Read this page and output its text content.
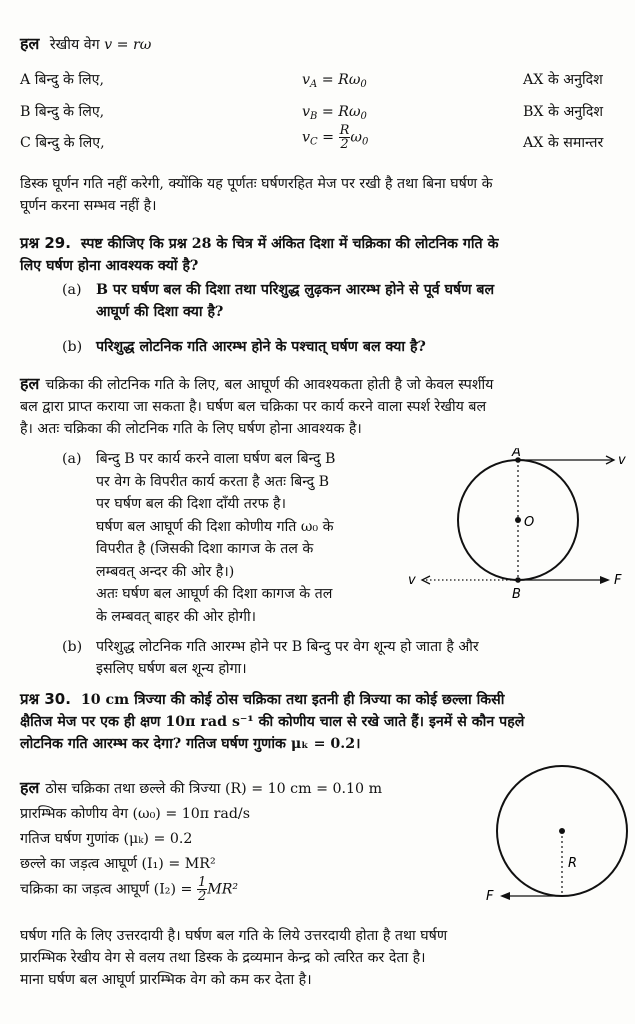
हल रेखीय वेग v = rω
A बिन्दु के लिए,	$v_A = R\omega_0$	AX के अनुदिश
B बिन्दु के लिए,	$v_B = R\omega_0$	BX के अनुदिश
C बिन्दु के लिए,	$v_C = \frac{R}{2} \omega_0$	AX के समान्तर
डिस्क घूर्णन गति नहीं करेगी, क्योंकि यह पूर्णतः घर्षणरहित मेज पर रखी है तथा बिना घर्षण के
घूर्णन करना सम्भव नहीं है।
प्रश्न 29. स्पष्ट कीजिए कि प्रश्न 28 के चित्र में अंकित दिशा में चक्रिका की लोटनिक गति के
लिए घर्षण होना आवश्यक क्यों है?
(a) B पर घर्षण बल की दिशा तथा परिशुद्ध लुढ़कन आरम्भ होने से पूर्व घर्षण बल
आघूर्ण की दिशा क्या है?
(b) परिशुद्ध लोटनिक गति आरम्भ होने के पश्चात् घर्षण बल क्या है?
हल चक्रिका की लोटनिक गति के लिए, बल आघूर्ण की आवश्यकता होती है जो केवल स्पर्शीय
बल द्वारा प्राप्त कराया जा सकता है। घर्षण बल चक्रिका पर कार्य करने वाला स्पर्श रेखीय बल
है। अतः चक्रिका की लोटनिक गति के लिए घर्षण होना आवश्यक है।
(a) बिन्दु B पर कार्य करने वाला घर्षण बल बिन्दु B
पर वेग के विपरीत कार्य करता है अतः बिन्दु B
पर घर्षण बल की दिशा दाँयी तरफ है।
घर्षण बल आघूर्ण की दिशा कोणीय गति ω₀ के
विपरीत है (जिसकी दिशा कागज के तल के
लम्बवत् अन्दर की ओर है।)
अतः घर्षण बल आघूर्ण की दिशा कागज के तल
के लम्बवत् बाहर की ओर होगी।
A
O
B
v
v	F
(b) परिशुद्ध लोटनिक गति आरम्भ होने पर B बिन्दु पर वेग शून्य हो जाता है और
इसलिए घर्षण बल शून्य होगा।
प्रश्न 30. 10 cm त्रिज्या की कोई ठोस चक्रिका तथा इतनी ही त्रिज्या का कोई छल्ला किसी
क्षैतिज मेज पर एक ही क्षण 10π rad s⁻¹ की कोणीय चाल से रखे जाते हैं। इनमें से कौन पहले
लोटनिक गति आरम्भ कर देगा? गतिज घर्षण गुणांक μₖ = 0.2।
हल ठोस चक्रिका तथा छल्ले की त्रिज्या (R) = 10 cm = 0.10 m
प्रारम्भिक कोणीय वेग (ω₀) = 10π rad/s
गतिज घर्षण गुणांक (μₖ) = 0.2
छल्ले का जड़त्व आघूर्ण (I₁) = MR²
चक्रिका का जड़त्व आघूर्ण $(I_2) = \frac{1}{2} MR^2$
R
F
घर्षण गति के लिए उत्तरदायी है। घर्षण बल गति के लिये उत्तरदायी होता है तथा घर्षण
प्रारम्भिक रेखीय वेग से वलय तथा डिस्क के द्रव्यमान केन्द्र को त्वरित कर देता है।
माना घर्षण बल आघूर्ण प्रारम्भिक वेग को कम कर देता है।
